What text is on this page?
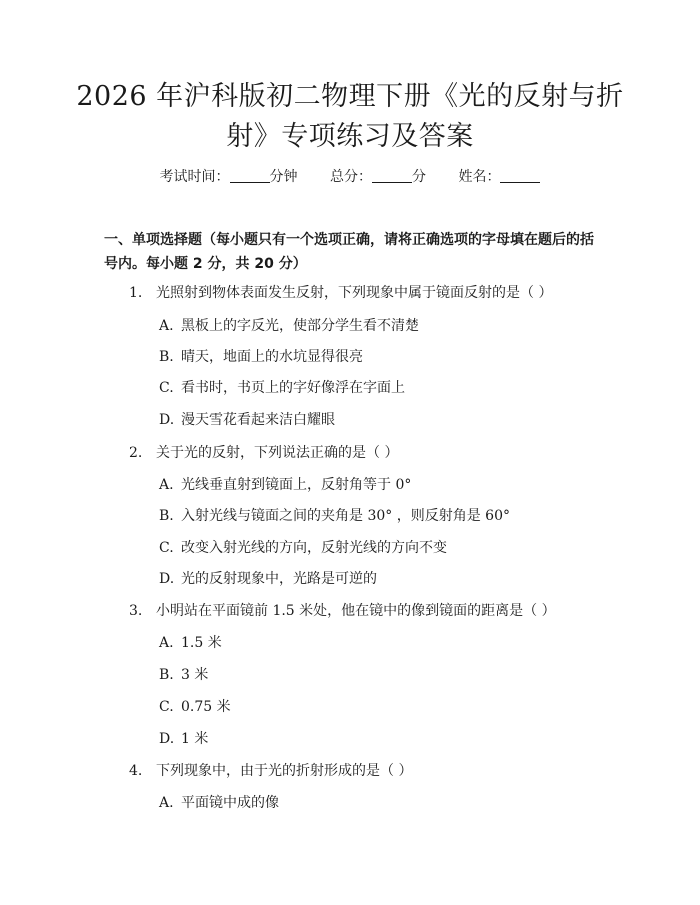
2026 年沪科版初二物理下册《光的反射与折
射》专项练习及答案
考试时间：	分钟 总分：	分 姓名：
一、单项选择题（每小题只有一个选项正确，请将正确选项的字母填在题后的括号内。每小题 2 分，共 20 分）
1. 光照射到物体表面发生反射，下列现象中属于镜面反射的是（ ）
A. 黑板上的字反光，使部分学生看不清楚
B. 晴天，地面上的水坑显得很亮
C. 看书时，书页上的字好像浮在字面上
D. 漫天雪花看起来洁白耀眼
2. 关于光的反射，下列说法正确的是（ ）
A. 光线垂直射到镜面上，反射角等于 0°
B. 入射光线与镜面之间的夹角是 30° ，则反射角是 60°
C. 改变入射光线的方向，反射光线的方向不变
D. 光的反射现象中，光路是可逆的
3. 小明站在平面镜前 1.5 米处，他在镜中的像到镜面的距离是（ ）
A. 1.5 米
B. 3 米
C. 0.75 米
D. 1 米
4. 下列现象中，由于光的折射形成的是（ ）
A. 平面镜中成的像
